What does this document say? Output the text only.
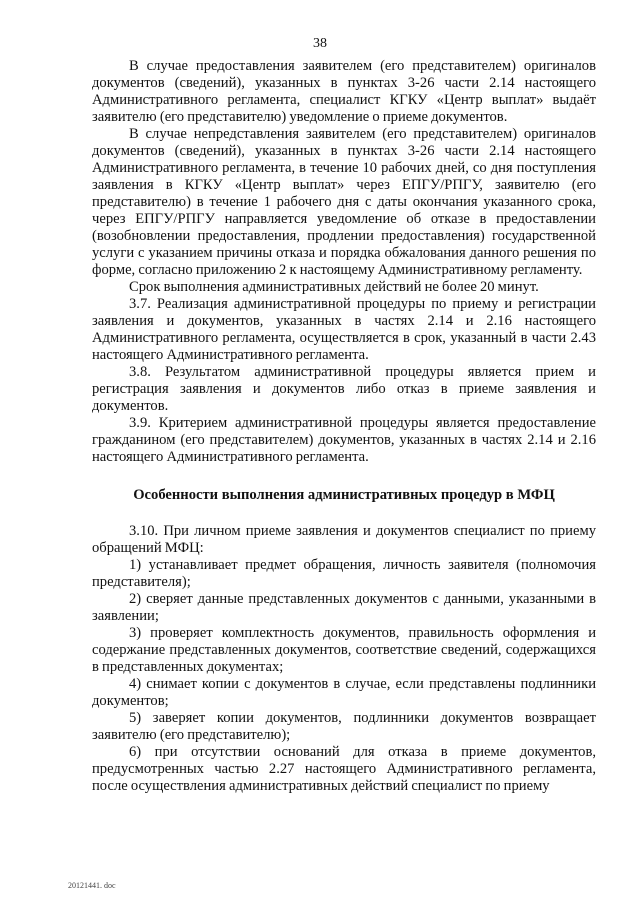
38

В случае предоставления заявителем (его представителем) оригиналов документов (сведений), указанных в пунктах 3-26 части 2.14 настоящего Административного регламента, специалист КГКУ «Центр выплат» выдаёт заявителю (его представителю) уведомление о приеме документов.

В случае непредставления заявителем (его представителем) оригиналов документов (сведений), указанных в пунктах 3-26 части 2.14 настоящего Административного регламента, в течение 10 рабочих дней, со дня поступления заявления в КГКУ «Центр выплат» через ЕПГУ/РПГУ, заявителю (его представителю) в течение 1 рабочего дня с даты окончания указанного срока, через ЕПГУ/РПГУ направляется уведомление об отказе в предоставлении (возобновлении предоставления, продлении предоставления) государственной услуги с указанием причины отказа и порядка обжалования данного решения по форме, согласно приложению 2 к настоящему Административному регламенту.

Срок выполнения административных действий не более 20 минут.

3.7. Реализация административной процедуры по приему и регистрации заявления и документов, указанных в частях 2.14 и 2.16 настоящего Административного регламента, осуществляется в срок, указанный в части 2.43 настоящего Административного регламента.

3.8. Результатом административной процедуры является прием и регистрация заявления и документов либо отказ в приеме заявления и документов.

3.9. Критерием административной процедуры является предоставление гражданином (его представителем) документов, указанных в частях 2.14 и 2.16 настоящего Административного регламента.

Особенности выполнения административных процедур в МФЦ

3.10. При личном приеме заявления и документов специалист по приему обращений МФЦ:

1) устанавливает предмет обращения, личность заявителя (полномочия представителя);

2) сверяет данные представленных документов с данными, указанными в заявлении;

3) проверяет комплектность документов, правильность оформления и содержание представленных документов, соответствие сведений, содержащихся в представленных документах;

4) снимает копии с документов в случае, если представлены подлинники документов;

5) заверяет копии документов, подлинники документов возвращает заявителю (его представителю);

6) при отсутствии оснований для отказа в приеме документов, предусмотренных частью 2.27 настоящего Административного регламента, после осуществления административных действий специалист по приему

20121441. doc
